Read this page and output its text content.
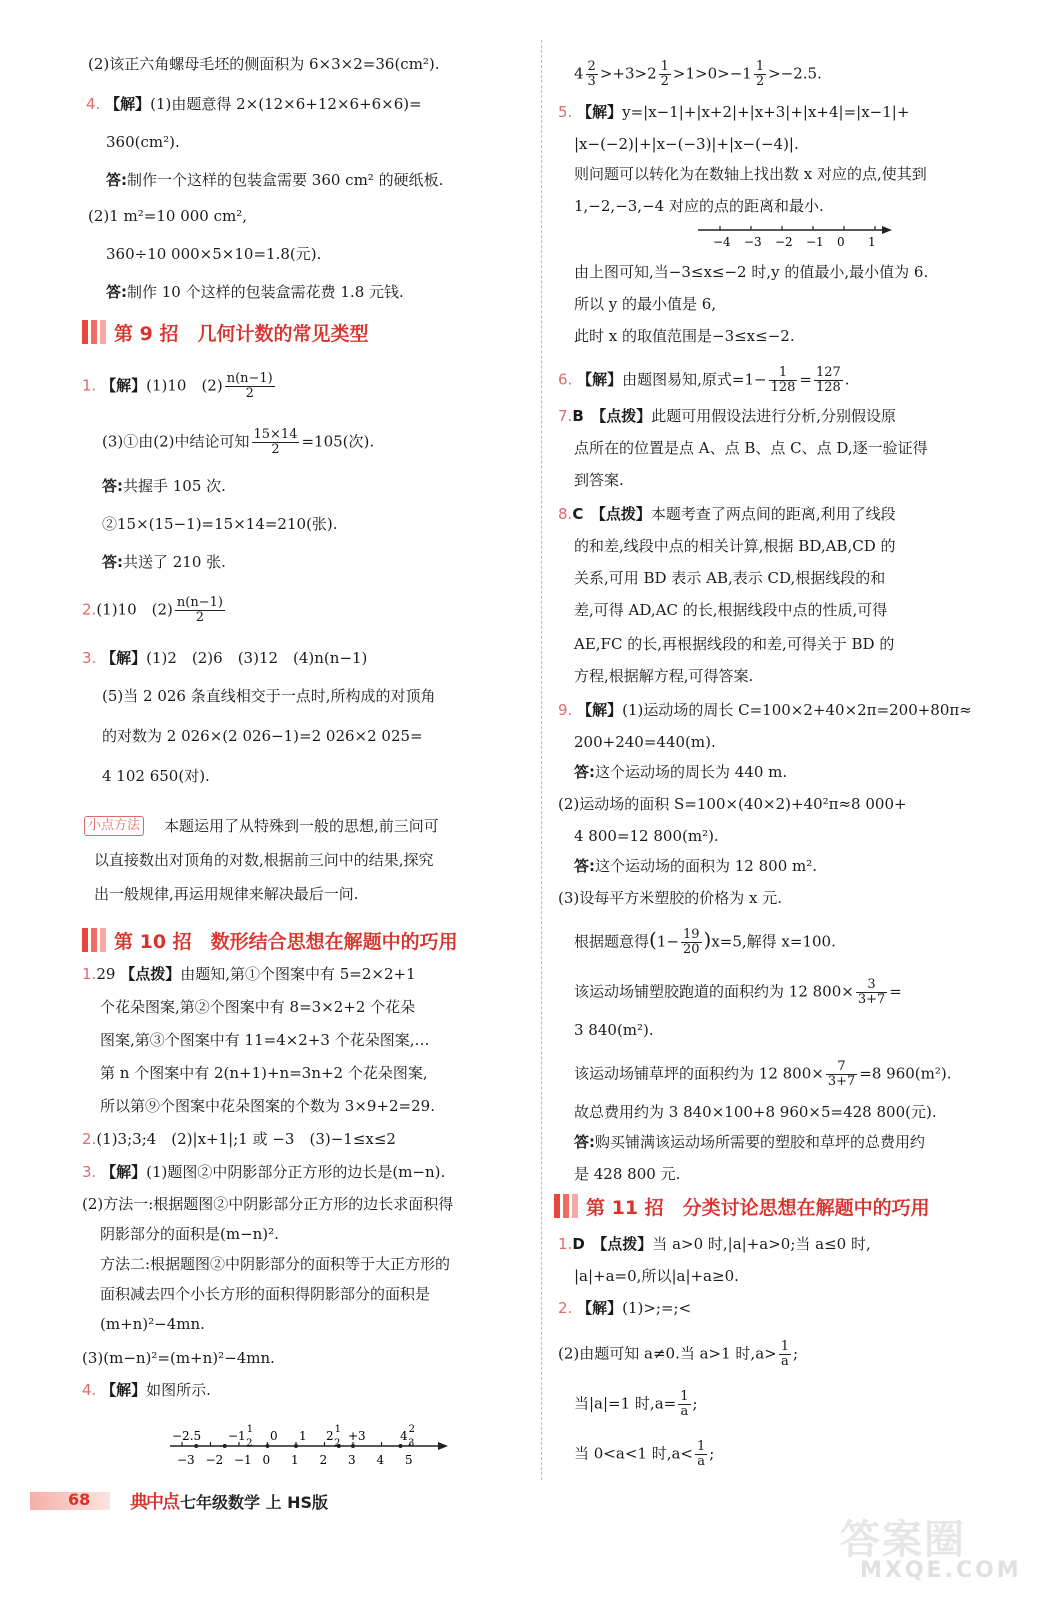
(2)该正六角螺母毛坯的侧面积为 6×3×2=36(cm²).
4. 【解】(1)由题意得 2×(12×6+12×6+6×6)=
360(cm²).
答:制作一个这样的包装盒需要 360 cm² 的硬纸板.
(2)1 m²=10 000 cm²,
360÷10 000×5×10=1.8(元).
答:制作 10 个这样的包装盒需花费 1.8 元钱.
第 9 招　几何计数的常见类型
1. 【解】(1)10　$(2) \frac{n(n-1)}{2}$
(3)①由(2)中结论可知 $\frac{15\times 14}{2} =105$(次).
答:共握手 105 次.
②15×(15−1)=15×14=210(张).
答:共送了 210 张.
2.(1)10　$(2) \frac{n(n-1)}{2}$
3. 【解】(1)2　(2)6　(3)12　(4)n(n−1)
(5)当 2 026 条直线相交于一点时,所构成的对顶角
的对数为 2 026×(2 026−1)=2 026×2 025=
4 102 650(对).
小点方法 本题运用了从特殊到一般的思想,前三问可
以直接数出对顶角的对数,根据前三问中的结果,探究
出一般规律,再运用规律来解决最后一问.
第 10 招　数形结合思想在解题中的巧用
1.29 【点拨】由题知,第①个图案中有 5=2×2+1
个花朵图案,第②个图案中有 8=3×2+2 个花朵
图案,第③个图案中有 11=4×2+3 个花朵图案,…
第 n 个图案中有 2(n+1)+n=3n+2 个花朵图案,
所以第⑨个图案中花朵图案的个数为 3×9+2=29.
2.(1)3;3;4　(2)|x+1|;1 或 −3　(3)−1≤x≤2
3. 【解】(1)题图②中阴影部分正方形的边长是(m−n).
(2)方法一:根据题图②中阴影部分正方形的边长求面积得
阴影部分的面积是(m−n)².
方法二:根据题图②中阴影部分的面积等于大正方形的
面积减去四个小长方形的面积得阴影部分的面积是
(m+n)²−4mn.
(3)(m−n)²=(m+n)²−4mn.
4. 【解】如图所示.
−3 −2 −1 0 1 2 3 4 5
$-2.5 -1^1$ 2
0 1 $2^1$ 2
+3	$4^2$ 3
$4 \frac{2}{3} >+3>2 \frac{1}{2} >1>0>-1 \frac{1}{2} >-2.5$.
5. 【解】y=|x−1|+|x+2|+|x+3|+|x+4|=|x−1|+
|x−(−2)|+|x−(−3)|+|x−(−4)|.
则问题可以转化为在数轴上找出数 x 对应的点,使其到
1,−2,−3,−4 对应的点的距离和最小.
−4 −3 −2 −1 0 1
由上图可知,当−3≤x≤−2 时,y 的值最小,最小值为 6.
所以 y 的最小值是 6,
此时 x 的取值范围是−3≤x≤−2.
6. 【解】由题图易知,原式$=1- \frac{1}{128} = \frac{127}{128}$ .
7.B　 【点拨】此题可用假设法进行分析,分别假设原
点所在的位置是点 A、点 B、点 C、点 D,逐一验证得
到答案.
8.C　 【点拨】本题考查了两点间的距离,利用了线段
的和差,线段中点的相关计算,根据 BD,AB,CD 的
关系,可用 BD 表示 AB,表示 CD,根据线段的和
差,可得 AD,AC 的长,根据线段中点的性质,可得
AE,FC 的长,再根据线段的和差,可得关于 BD 的
方程,根据解方程,可得答案.
9. 【解】(1)运动场的周长 C=100×2+40×2π=200+80π≈
200+240=440(m).
答:这个运动场的周长为 440 m.
(2)运动场的面积 S=100×(40×2)+40²π≈8 000+
4 800=12 800(m²).
答:这个运动场的面积为 12 800 m².
(3)设每平方米塑胶的价格为 x 元.
根据题意得$(1- \frac{19}{20} )x=5$,解得 x=100.
该运动场铺塑胶跑道的面积约为 12 $800\times \frac{3}{3+7}$ =
3 840(m²).
该运动场铺草坪的面积约为 12 $800\times \frac{7}{3+7} =8$ 960(m²).
故总费用约为 3 840×100+8 960×5=428 800(元).
答:购买铺满该运动场所需要的塑胶和草坪的总费用约
是 428 800 元.
第 11 招　分类讨论思想在解题中的巧用
1.D　 【点拨】当 a>0 时,|a|+a>0;当 a≤0 时,
|a|+a=0,所以|a|+a≥0.
2. 【解】(1)>;=;<
(2)由题可知 a≠0.当 a>1 时$,a> \frac{1}{a}$ ;
当|a|=1 时$,a= \frac{1}{a}$ ;
当 0<a<1 时$,a< \frac{1}{a}$ ;
68 典中点 七年级数学 上 HS版
答案圈
MXQE.COM
